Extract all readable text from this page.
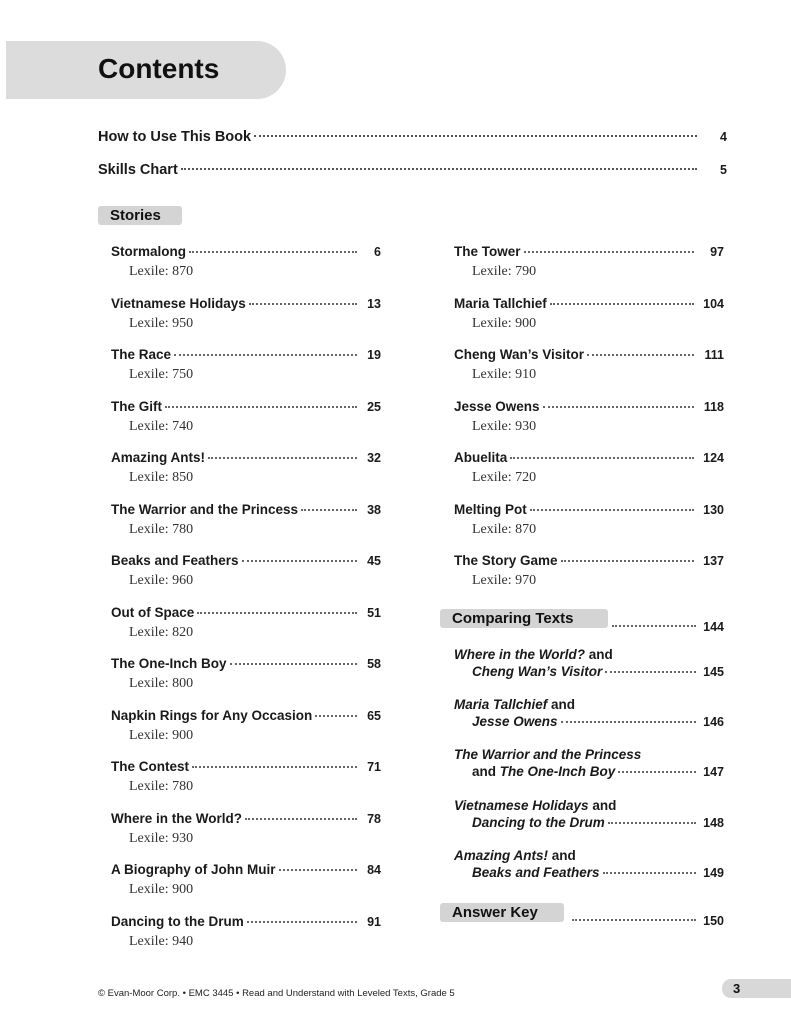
Contents
How to Use This Book	4
Skills Chart	5
Stories
Stormalong	6
Lexile: 870
Vietnamese Holidays	13
Lexile: 950
The Race	19
Lexile: 750
The Gift	25
Lexile: 740
Amazing Ants!	32
Lexile: 850
The Warrior and the Princess	38
Lexile: 780
Beaks and Feathers	45
Lexile: 960
Out of Space	51
Lexile: 820
The One-Inch Boy	58
Lexile: 800
Napkin Rings for Any Occasion	65
Lexile: 900
The Contest	71
Lexile: 780
Where in the World?	78
Lexile: 930
A Biography of John Muir	84
Lexile: 900
Dancing to the Drum	91
Lexile: 940
The Tower	97
Lexile: 790
Maria Tallchief	104
Lexile: 900
Cheng Wan’s Visitor	111
Lexile: 910
Jesse Owens	118
Lexile: 930
Abuelita	124
Lexile: 720
Melting Pot	130
Lexile: 870
The Story Game	137
Lexile: 970
Comparing Texts	144
Where in the World? and
Cheng Wan’s Visitor	145
Maria Tallchief and
Jesse Owens	146
The Warrior and the Princess
and The One-Inch Boy	147
Vietnamese Holidays and
Dancing to the Drum	148
Amazing Ants! and
Beaks and Feathers	149
Answer Key	150
© Evan-Moor Corp. • EMC 3445 • Read and Understand with Leveled Texts, Grade 5	3
